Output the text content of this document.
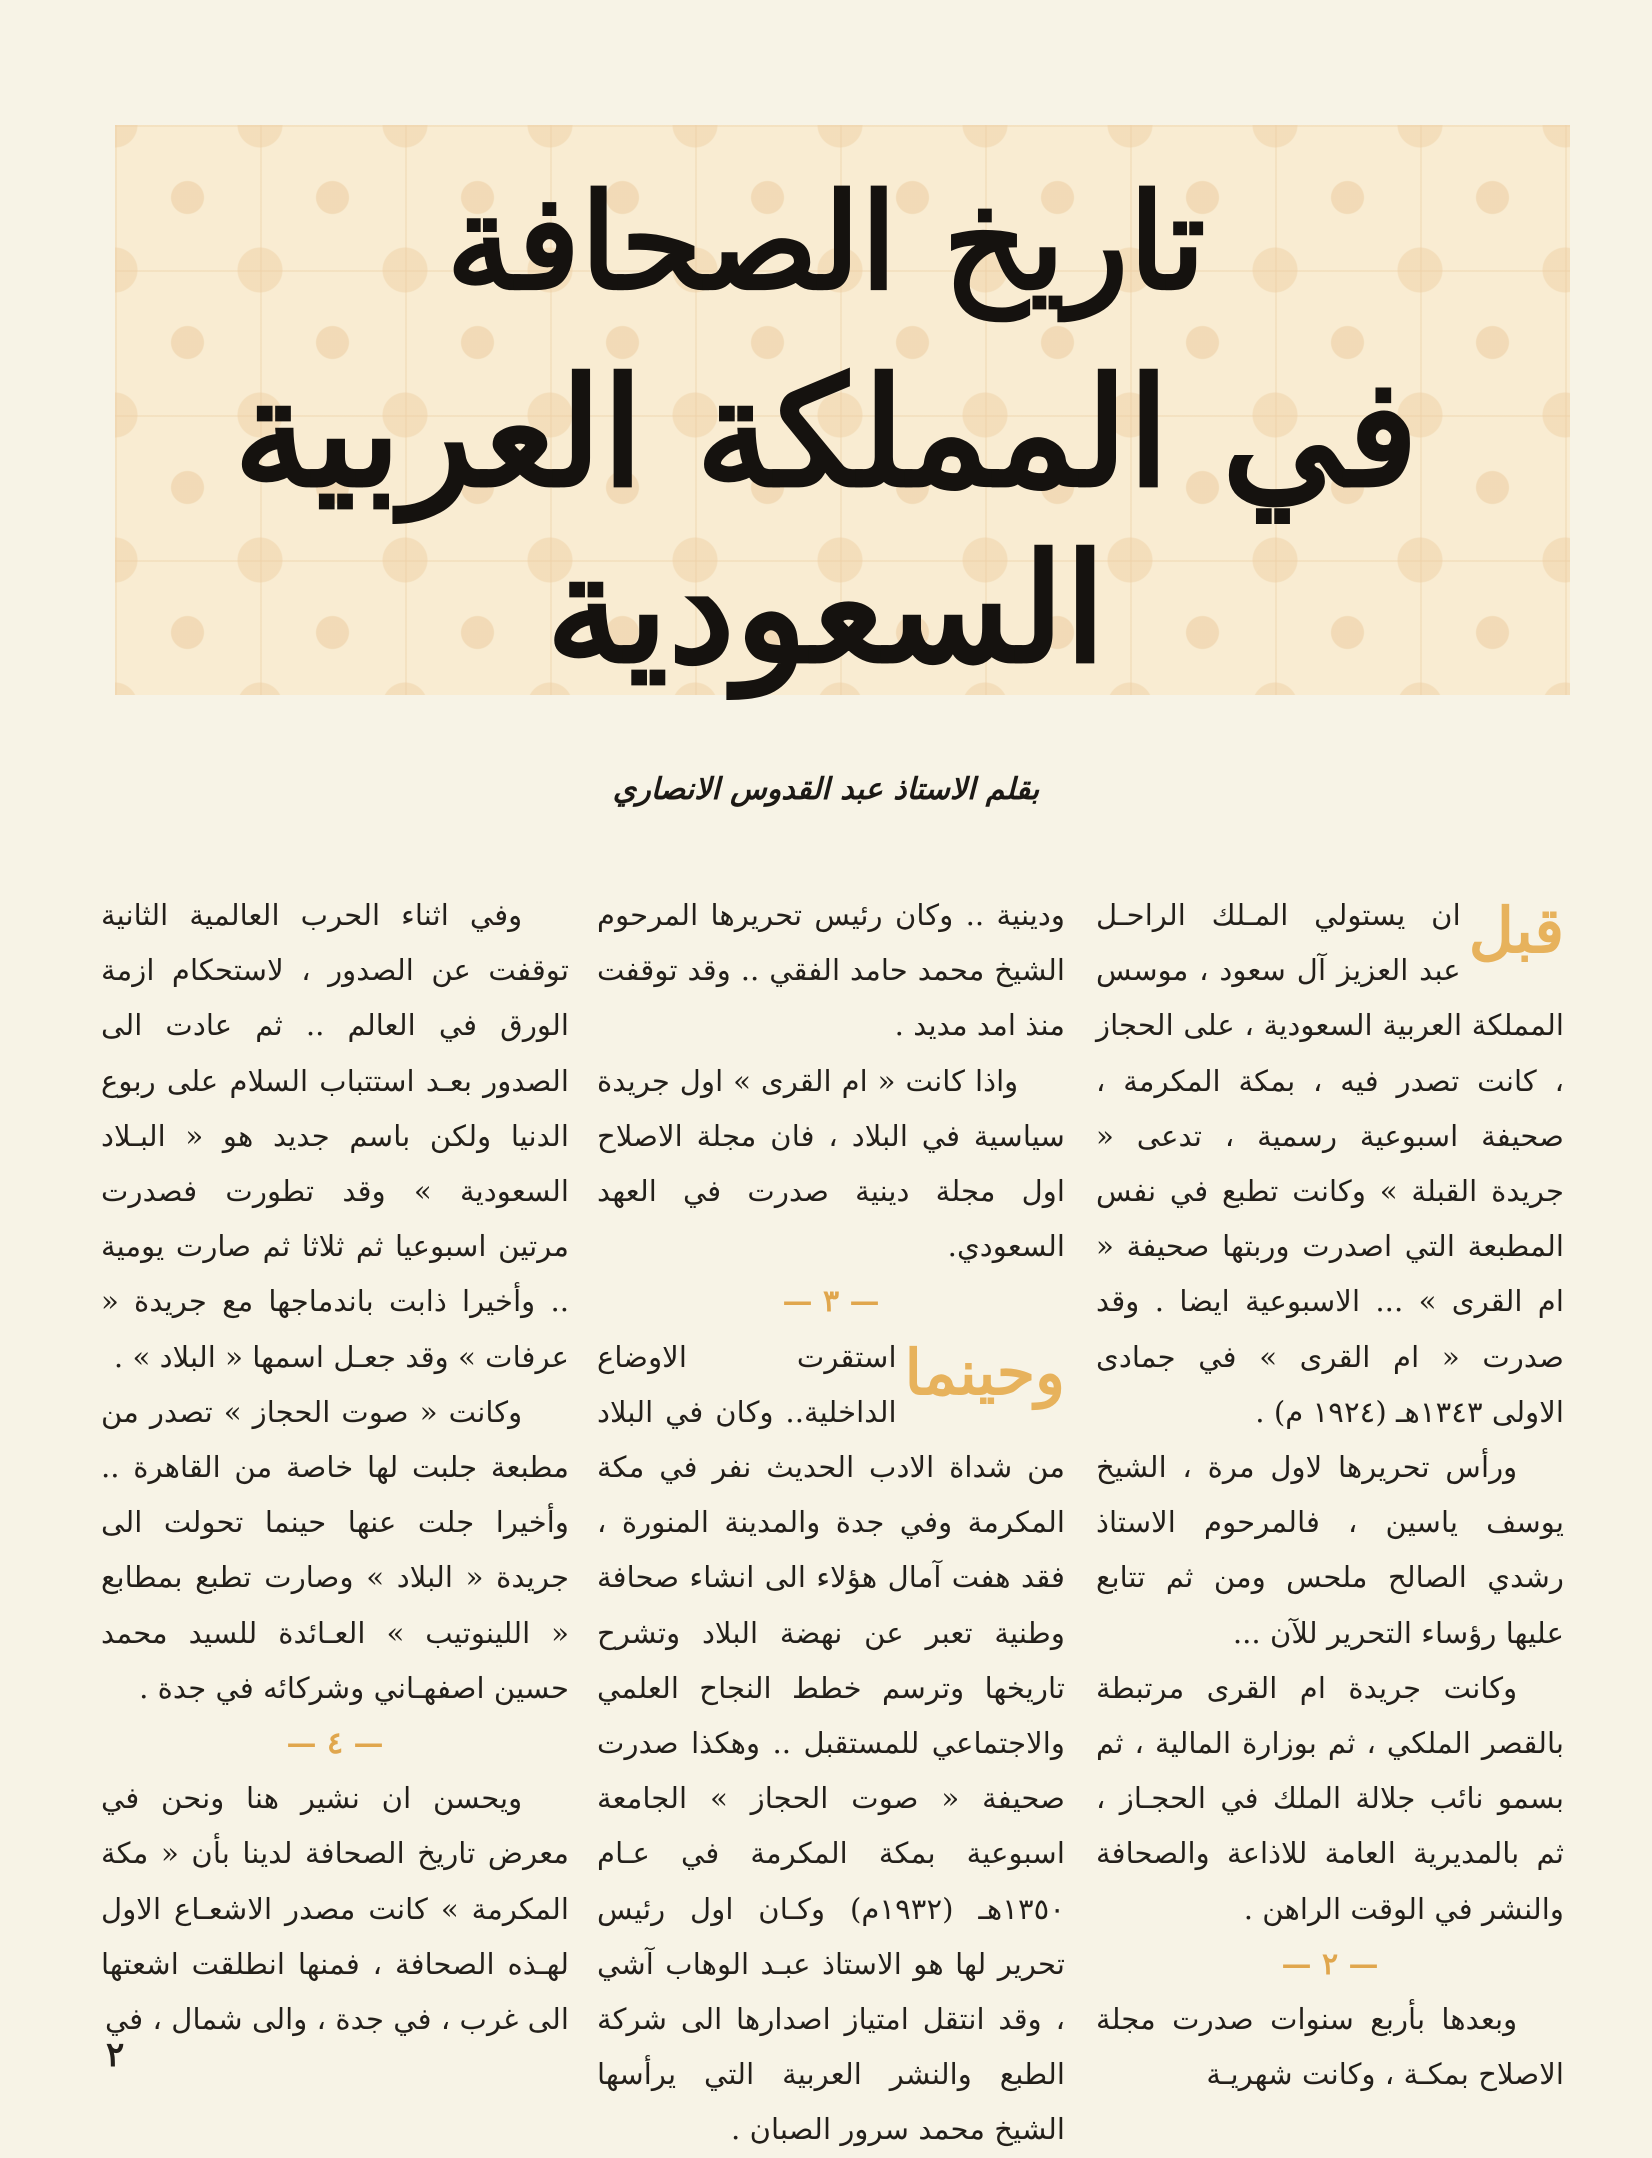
تاريخ الصحافة
في المملكة العربية السعودية
بقلم الاستاذ عبد القدوس الانصاري

قبل
ان يستولي المـلك الراحـل عبد العزيز آل سعود ، موسس المملكة العربية السعودية ، على الحجاز ، كانت تصدر فيه ، بمكة المكرمة ، صحيفة اسبوعية رسمية ، تدعى « جريدة القبلة » وكانت تطبع في نفس المطبعة التي اصدرت وربتها صحيفة « ام القرى » ... الاسبوعية ايضا . وقد صدرت « ام القرى » في جمادى الاولى ١٣٤٣هـ (١٩٢٤ م) .

ورأس تحريرها لاول مرة ، الشيخ يوسف ياسين ، فالمرحوم الاستاذ رشدي الصالح ملحس ومن ثم تتابع عليها رؤساء التحرير للآن ...

وكانت جريدة ام القرى مرتبطة بالقصر الملكي ، ثم بوزارة المالية ، ثم بسمو نائب جلالة الملك في الحجـاز ، ثم بالمديرية العامة للاذاعة والصحافة والنشر في الوقت الراهن .

— ٢ —

وبعدها بأربع سنوات صدرت مجلة الاصلاح بمكـة ، وكانت شهريـة

ودينية .. وكان رئيس تحريرها المرحوم الشيخ محمد حامد الفقي .. وقد توقفت منذ امد مديد .

واذا كانت « ام القرى » اول جريدة سياسية في البلاد ، فان مجلة الاصلاح اول مجلة دينية صدرت في العهد السعودي.

— ٣ —

وحينما
استقرت الاوضاع الداخلية.. وكان في البلاد من شداة الادب الحديث نفر في مكة المكرمة وفي جدة والمدينة المنورة ، فقد هفت آمال هؤلاء الى انشاء صحافة وطنية تعبر عن نهضة البلاد وتشرح تاريخها وترسم خطط النجاح العلمي والاجتماعي للمستقبل .. وهكذا صدرت صحيفة « صوت الحجاز » الجامعة اسبوعية بمكة المكرمة في عـام ١٣٥٠هـ (١٩٣٢م) وكـان اول رئيس تحرير لها هو الاستاذ عبـد الوهاب آشي ، وقد انتقل امتياز اصدارها الى شركة الطبع والنشر العربية التي يرأسها الشيخ محمد سرور الصبان .

وفي اثناء الحرب العالمية الثانية توقفت عن الصدور ، لاستحكام ازمة الورق في العالم .. ثم عادت الى الصدور بعـد استتباب السلام على ربوع الدنيا ولكن باسم جديد هو « البـلاد السعودية » وقد تطورت فصدرت مرتين اسبوعيا ثم ثلاثا ثم صارت يومية .. وأخيرا ذابت باندماجها مع جريدة « عرفات » وقد جعـل اسمها « البلاد » .

وكانت « صوت الحجاز » تصدر من مطبعة جلبت لها خاصة من القاهرة .. وأخيرا جلت عنها حينما تحولت الى جريدة « البلاد » وصارت تطبع بمطابع « اللينوتيب » العـائدة للسيد محمد حسين اصفهـاني وشركائه في جدة .

— ٤ —

ويحسن ان نشير هنا ونحن في معرض تاريخ الصحافة لدينا بأن « مكة المكرمة » كانت مصدر الاشعـاع الاول لهـذه الصحافة ، فمنها انطلقت اشعتها الى غرب ، في جدة ، والى شمال ، في

٢
